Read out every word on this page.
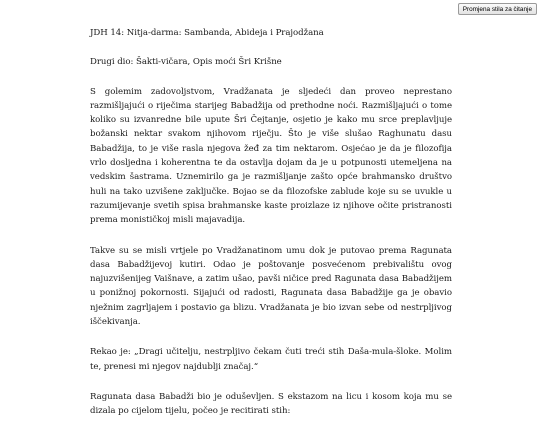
Promjena stila za čitanje

JDH 14: Nitja-darma: Sambanda, Abideja i Prajodžana

Drugi dio: Šakti-vičara, Opis moći Šri Krišne

S golemim zadovoljstvom, Vradžanata je sljedeći dan proveo neprestano razmišljajući o riječima starijeg Babadžija od prethodne noći. Razmišljajući o tome koliko su izvanredne bile upute Šri Čejtanje, osjetio je kako mu srce preplavljuje božanski nektar svakom njihovom riječju. Što je više slušao Raghunatu dasu Babadžija, to je više rasla njegova žeđ za tim nektarom. Osjećao je da je filozofija vrlo dosljedna i koherentna te da ostavlja dojam da je u potpunosti utemeljena na vedskim šastrama. Uznemirilo ga je razmišljanje zašto opće brahmansko društvo huli na tako uzvišene zaključke. Bojao se da filozofske zablude koje su se uvukle u razumijevanje svetih spisa brahmanske kaste proizlaze iz njihove očite pristranosti prema monističkoj misli majavadija.

Takve su se misli vrtjele po Vradžanatinom umu dok je putovao prema Ragunata dasa Babadžijevoj kutiri. Odao je poštovanje posvećenom prebivalištu ovog najuzvišenijeg Vaišnave, a zatim ušao, pavši ničice pred Ragunata dasa Babadžijem u ponižnoj pokornosti. Sijajući od radosti, Ragunata dasa Babadžije ga je obavio nježnim zagrljajem i postavio ga blizu. Vradžanata je bio izvan sebe od nestrpljivog iščekivanja.

Rekao je: „Dragi učitelju, nestrpljivo čekam čuti treći stih Daša-mula-šloke. Molim te, prenesi mi njegov najdublji značaj.“

Ragunata dasa Babadži bio je oduševljen. S ekstazom na licu i kosom koja mu se dizala po cijelom tijelu, počeo je recitirati stih:
